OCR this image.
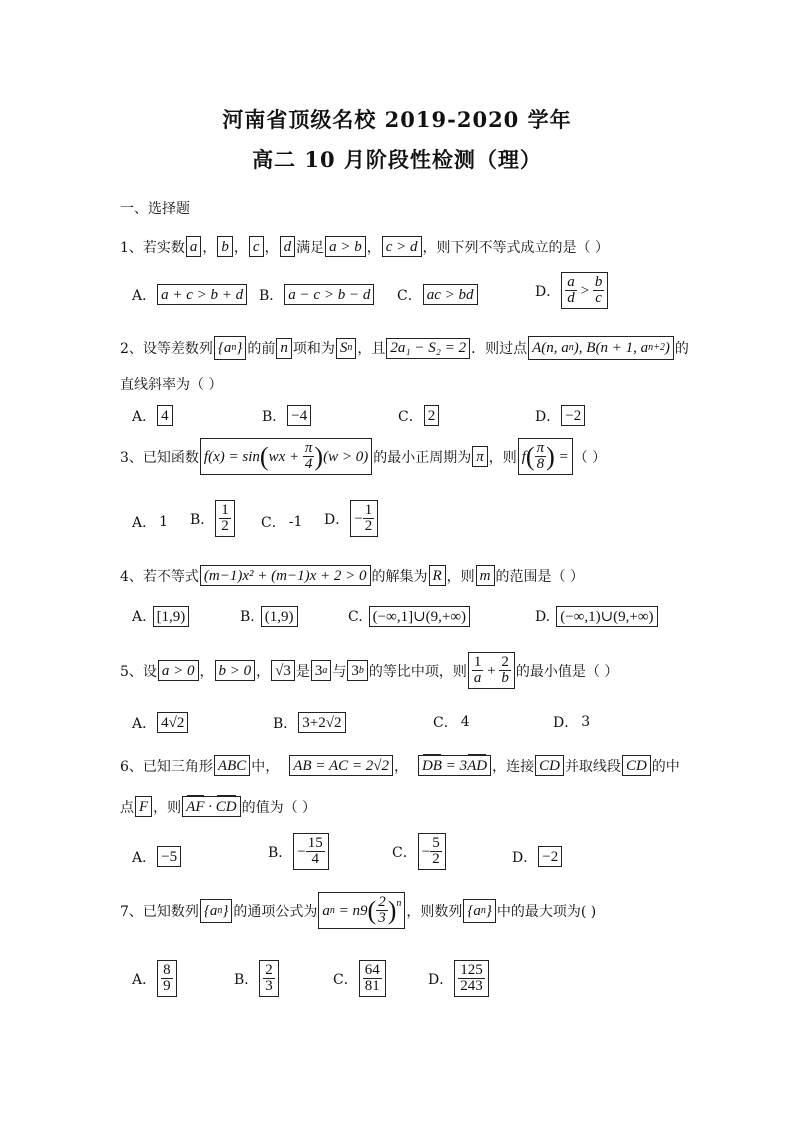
河南省顶级名校 2019-2020 学年
高二 10 月阶段性检测（理）
一、选择题
1、若实数 a ， b ， c ， d 满足 a > b ， c > d ，则下列不等式成立的是（ ）
A． a + c > b + d B． a − c > b − d C． ac > bd	D． $\frac{a}{d} > \frac{b}{c}$
2、设等差数列 { a n } 的前 n 项和为 S n ，且 2a₁ − S₂ = 2 ．则过点 A ( n, a n ) , B ( n + 1, a n+2 ) 的
直线斜率为（ ）
A． 4	B． −4	C． 2	D． −2
3、已知函数 f ( x ) = sin ( wx + $\frac{\pi}{4}$ ) ( w > 0 ) 的最小正周期为 π ，则 f ( $\frac{\pi}{8}$ ) = （ ）
A． 1 B． $\frac{1}{2}$ C． -1 D． − $\frac{1}{2}$
4、若不等式 (m−1)x² + (m−1)x + 2 > 0 的解集为 R ，则 m 的范围是（ ）
A. [1,9)	B. (1,9)	C. (−∞,1]∪(9,+∞)	D. (−∞,1)∪(9,+∞)
5、设 a > 0 ， b > 0 ， √3 是 3 a 与 3 b 的等比中项，则 $\frac{1}{a} + \frac{2}{b}$ 的最小值是（ ）
A． 4√2	B． 3+2√2	C． 4	D． 3
6、已知三角形 ABC 中， AB = AC = 2√2 ， DB = 3 AD ，连接 CD 并取线段 CD 的中
点 F ，则 AF · CD 的值为（ ）
A． −5	B． − $\frac{15}{4}$	C． − $\frac{5}{2}$	D． −2
7、已知数列 { a n } 的通项公式为 a n = n 9 ( $\frac{2}{3} )^n$ ，则数列 { a n } 中的最大项为( )
A． $\frac{8}{9}$	B． $\frac{2}{3}$	C． $\frac{64}{81}$	D． $\frac{125}{243}$
